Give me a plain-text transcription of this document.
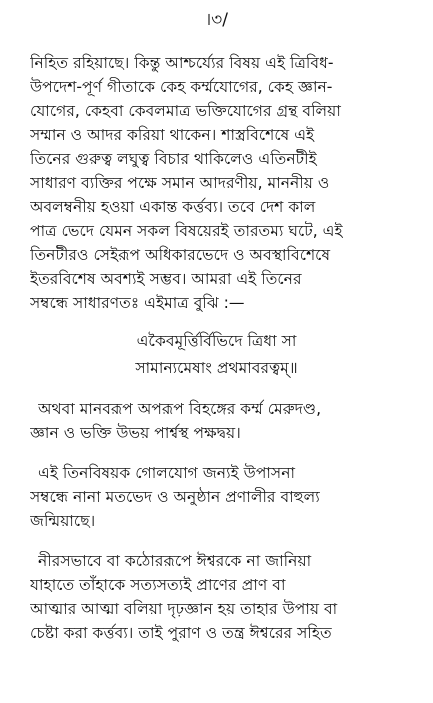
।৩/
নিহিত রহিয়াছে। কিন্তু আশ্চর্য্যের বিষয় এই ত্রিবিধ-
উপদেশ-পূর্ণ গীতাকে কেহ কর্ম্মযোগের, কেহ জ্ঞান-
যোগের, কেহবা কেবলমাত্র ভক্তিযোগের গ্রন্থ বলিয়া
সম্মান ও আদর করিয়া থাকেন। শাস্ত্রবিশেষে এই
তিনের গুরুত্ব লঘুত্ব বিচার থাকিলেও এতিনটীই
সাধারণ ব্যক্তির পক্ষে সমান আদরণীয়, মাননীয় ও
অবলম্বনীয় হওয়া একান্ত কর্ত্তব্য। তবে দেশ কাল
পাত্র ভেদে যেমন সকল বিষয়েরই তারতম্য ঘটে, এই
তিনটীরও সেইরূপ অধিকারভেদে ও অবস্থাবিশেষে
ইতরবিশেষ অবশ্যই সম্ভব। আমরা এই তিনের
সম্বন্ধে সাধারণতঃ এইমাত্র বুঝি :—
একৈবমূর্ত্তির্বিভিদে ত্রিধা সা
সামান্যমেষাং প্রথমাবরত্বম্‌॥
অথবা মানবরূপ অপরূপ বিহঙ্গের কর্ম্ম মেরুদণ্ড,
জ্ঞান ও ভক্তি উভয় পার্শ্বস্থ পক্ষদ্বয়।
এই তিনবিষয়ক গোলযোগ জন্যই উপাসনা
সম্বন্ধে নানা মতভেদ ও অনুষ্ঠান প্রণালীর বাহুল্য
জন্মিয়াছে।
নীরসভাবে বা কঠোররূপে ঈশ্বরকে না জানিয়া
যাহাতে তাঁহাকে সত্যসত্যই প্রাণের প্রাণ বা
আত্মার আত্মা বলিয়া দৃঢ়জ্ঞান হয় তাহার উপায় বা
চেষ্টা করা কর্ত্তব্য। তাই পুরাণ ও তন্ত্র ঈশ্বরের সহিত
